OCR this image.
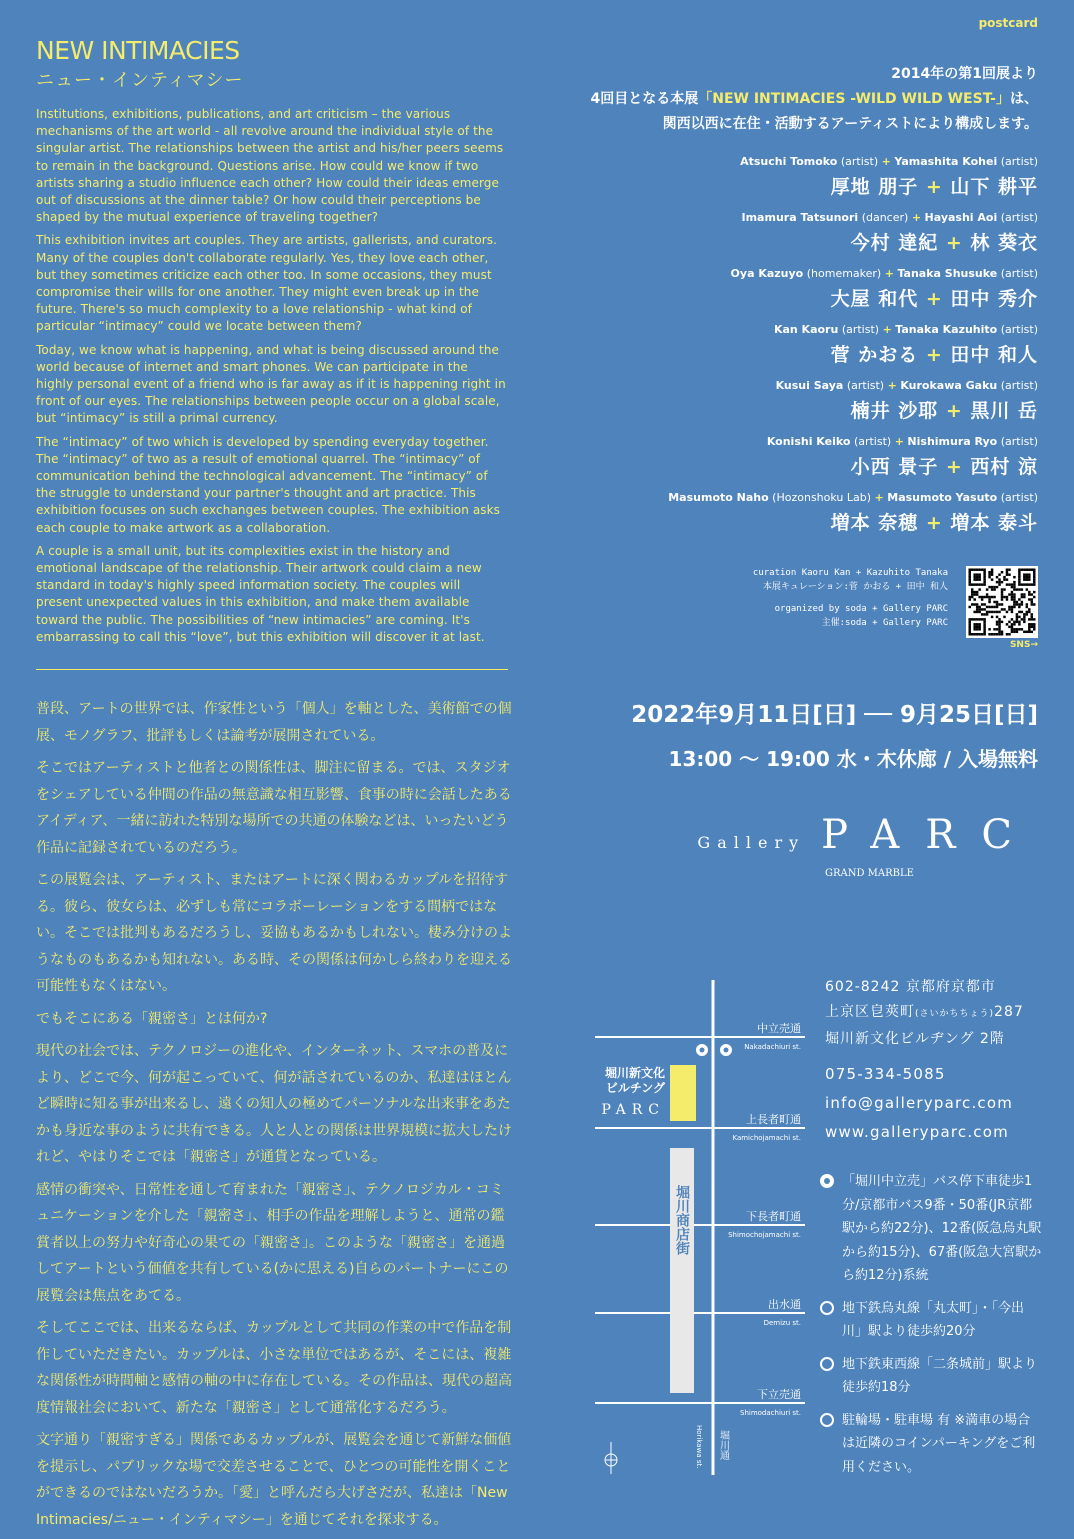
postcard
NEW INTIMACIES
ニュー・インティマシー

Institutions, exhibitions, publications, and art criticism – the various mechanisms of the art world - all revolve around the individual style of the singular artist. The relationships between the artist and his/her peers seems to remain in the background. Questions arise. How could we know if two artists sharing a studio influence each other? How could their ideas emerge out of discussions at the dinner table? Or how could their perceptions be shaped by the mutual experience of traveling together?

This exhibition invites art couples. They are artists, gallerists, and curators. Many of the couples don't collaborate regularly. Yes, they love each other, but they sometimes criticize each other too. In some occasions, they must compromise their wills for one another. They might even break up in the future. There's so much complexity to a love relationship - what kind of particular “intimacy” could we locate between them?

Today, we know what is happening, and what is being discussed around the world because of internet and smart phones. We can participate in the highly personal event of a friend who is far away as if it is happening right in front of our eyes. The relationships between people occur on a global scale, but “intimacy” is still a primal currency.

The “intimacy” of two which is developed by spending everyday together. The “intimacy” of two as a result of emotional quarrel. The “intimacy” of communication behind the technological advancement. The “intimacy” of the struggle to understand your partner's thought and art practice. This exhibition focuses on such exchanges between couples. The exhibition asks each couple to make artwork as a collaboration.

A couple is a small unit, but its complexities exist in the history and emotional landscape of the relationship. Their artwork could claim a new standard in today's highly speed information society. The couples will present unexpected values in this exhibition, and make them available toward the public. The possibilities of “new intimacies” are coming. It's embarrassing to call this “love”, but this exhibition will discover it at last.

普段、アートの世界では、作家性という「個人」を軸とした、美術館での個展、モノグラフ、批評もしくは論考が展開されている。

そこではアーティストと他者との関係性は、脚注に留まる。では、スタジオをシェアしている仲間の作品の無意識な相互影響、食事の時に会話したあるアイディア、一緒に訪れた特別な場所での共通の体験などは、いったいどう作品に記録されているのだろう。

この展覧会は、アーティスト、またはアートに深く関わるカップルを招待する。彼ら、彼女らは、必ずしも常にコラボーレーションをする間柄ではない。そこでは批判もあるだろうし、妥協もあるかもしれない。棲み分けのようなものもあるかも知れない。ある時、その関係は何かしら終わりを迎える可能性もなくはない。

でもそこにある「親密さ」とは何か?

現代の社会では、テクノロジーの進化や、インターネット、スマホの普及により、どこで今、何が起こっていて、何が話されているのか、私達はほとんど瞬時に知る事が出来るし、遠くの知人の極めてパーソナルな出来事をあたかも身近な事のように共有できる。人と人との関係は世界規模に拡大したけれど、やはりそこでは「親密さ」が通貨となっている。

感情の衝突や、日常性を通して育まれた「親密さ」、テクノロジカル・コミュニケーションを介した「親密さ」、相手の作品を理解しようと、通常の鑑賞者以上の努力や好奇心の果ての「親密さ」。このような「親密さ」を通過してアートという価値を共有している(かに思える)自らのパートナーにこの展覧会は焦点をあてる。

そしてここでは、出来るならば、カップルとして共同の作業の中で作品を制作していただきたい。カップルは、小さな単位ではあるが、そこには、複雑な関係性が時間軸と感情の軸の中に存在している。その作品は、現代の超高度情報社会において、新たな「親密さ」として通常化するだろう。

文字通り「親密すぎる」関係であるカップルが、展覧会を通じて新鮮な価値を提示し、パブリックな場で交差させることで、ひとつの可能性を開くことができるのではないだろうか。「愛」と呼んだら大げさだが、私達は「New Intimacies/ニュー・インティマシー」を通じてそれを探求する。

2014年の第1回展より
4回目となる本展「NEW INTIMACIES -WILD WILD WEST-」は、
関西以西に在住・活動するアーティストにより構成します。
Atsuchi Tomoko (artist) + Yamashita Kohei (artist)
厚地 朋子 + 山下 耕平
Imamura Tatsunori (dancer) + Hayashi Aoi (artist)
今村 達紀 + 林 葵衣
Oya Kazuyo (homemaker) + Tanaka Shusuke (artist)
大屋 和代 + 田中 秀介
Kan Kaoru (artist) + Tanaka Kazuhito (artist)
菅 かおる + 田中 和人
Kusui Saya (artist) + Kurokawa Gaku (artist)
楠井 沙耶 + 黒川 岳
Konishi Keiko (artist) + Nishimura Ryo (artist)
小西 景子 + 西村 涼
Masumoto Naho (Hozonshoku Lab) + Masumoto Yasuto (artist)
増本 奈穂 + 増本 泰斗
curation Kaoru Kan + Kazuhito Tanaka
本展キュレーション:菅 かおる + 田中 和人
organized by soda + Gallery PARC
主催:soda + Gallery PARC
SNS→
2022年9月11日[日] ── 9月25日[日]
13:00 〜 19:00 水・木休廊 / 入場無料
Gallery PARC
GRAND MARBLE
堀川商店街
堀川新文化
ビルチング
PARC
中立売通
Nakadachiuri st.
上長者町通
Kamichojamachi st.
下長者町通
Shimochojamachi st.
出水通
Demizu st.
下立売通
Shimodachiuri st.
Horikawa st. 堀川通
602-8242 京都府京都市
上京区皀莢町(さいかちちょう)287
堀川新文化ビルヂング 2階
075-334-5085
info@galleryparc.com
www.galleryparc.com
「堀川中立売」バス停下車徒歩1分/京都市バス9番・50番(JR京都駅から約22分)、12番(阪急烏丸駅から約15分)、67番(阪急大宮駅から約12分)系統
地下鉄烏丸線「丸太町」・「今出川」駅より徒歩約20分
地下鉄東西線「二条城前」駅より徒歩約18分
駐輪場・駐車場 有 ※満車の場合は近隣のコインパーキングをご利用ください。
